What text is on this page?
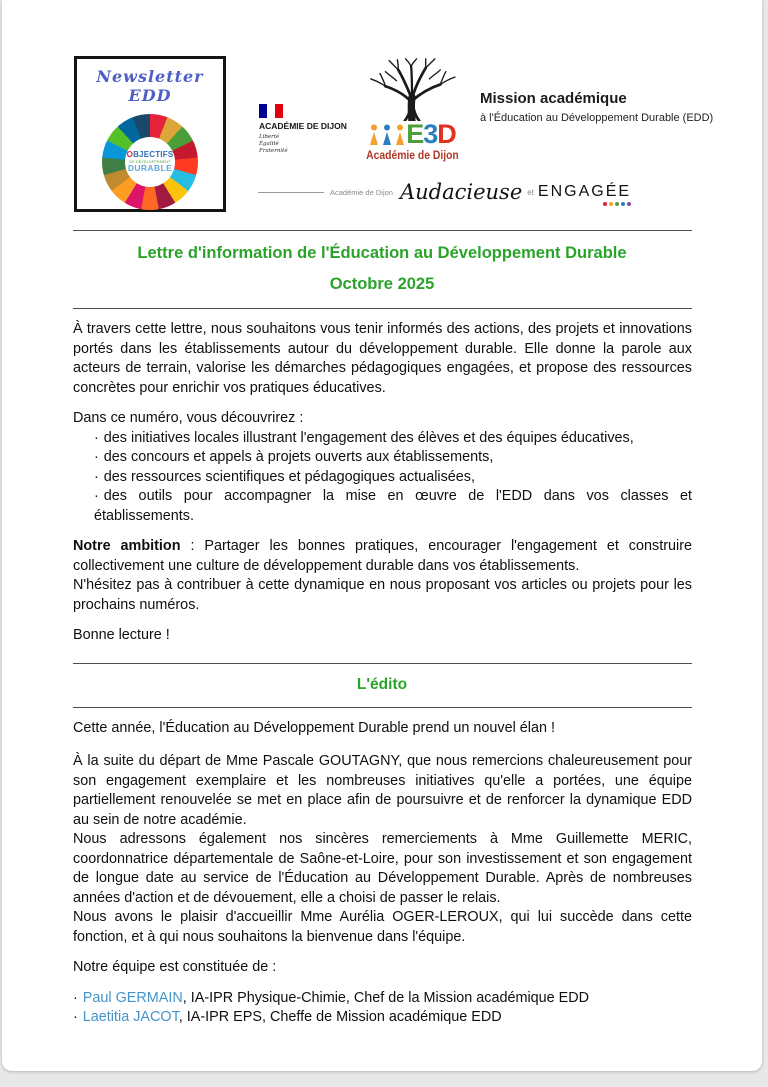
Newsletter EDD
OBJECTIFS
DE DÉVELOPPEMENT
DURABLE
ACADÉMIE DE DIJON
Liberté
Égalité
Fraternité
E3D
Académie de Dijon
Mission académique
à l'Éducation au Développement Durable (EDD)
Académie de Dijon Audacieuse et ENGAGÉE
Lettre d'information de l'Éducation au Développement Durable
Octobre 2025

À travers cette lettre, nous souhaitons vous tenir informés des actions, des projets et innovations portés dans les établissements autour du développement durable. Elle donne la parole aux acteurs de terrain, valorise les démarches pédagogiques engagées, et propose des ressources concrètes pour enrichir vos pratiques éducatives.

Dans ce numéro, vous découvrirez :

· des initiatives locales illustrant l'engagement des élèves et des équipes éducatives,
· des concours et appels à projets ouverts aux établissements,
· des ressources scientifiques et pédagogiques actualisées,
· des outils pour accompagner la mise en œuvre de l'EDD dans vos classes et établissements.

Notre ambition : Partager les bonnes pratiques, encourager l'engagement et construire collectivement une culture de développement durable dans vos établissements.

N'hésitez pas à contribuer à cette dynamique en nous proposant vos articles ou projets pour les prochains numéros.

Bonne lecture !

L'édito

Cette année, l'Éducation au Développement Durable prend un nouvel élan !

À la suite du départ de Mme Pascale GOUTAGNY, que nous remercions chaleureusement pour son engagement exemplaire et les nombreuses initiatives qu'elle a portées, une équipe partiellement renouvelée se met en place afin de poursuivre et de renforcer la dynamique EDD au sein de notre académie.

Nous adressons également nos sincères remerciements à Mme Guillemette MERIC, coordonnatrice départementale de Saône-et-Loire, pour son investissement et son engagement de longue date au service de l'Éducation au Développement Durable. Après de nombreuses années d'action et de dévouement, elle a choisi de passer le relais.

Nous avons le plaisir d'accueillir Mme Aurélia OGER-LEROUX, qui lui succède dans cette fonction, et à qui nous souhaitons la bienvenue dans l'équipe.

Notre équipe est constituée de :

· Paul GERMAIN, IA-IPR Physique-Chimie, Chef de la Mission académique EDD
· Laetitia JACOT, IA-IPR EPS, Cheffe de Mission académique EDD
